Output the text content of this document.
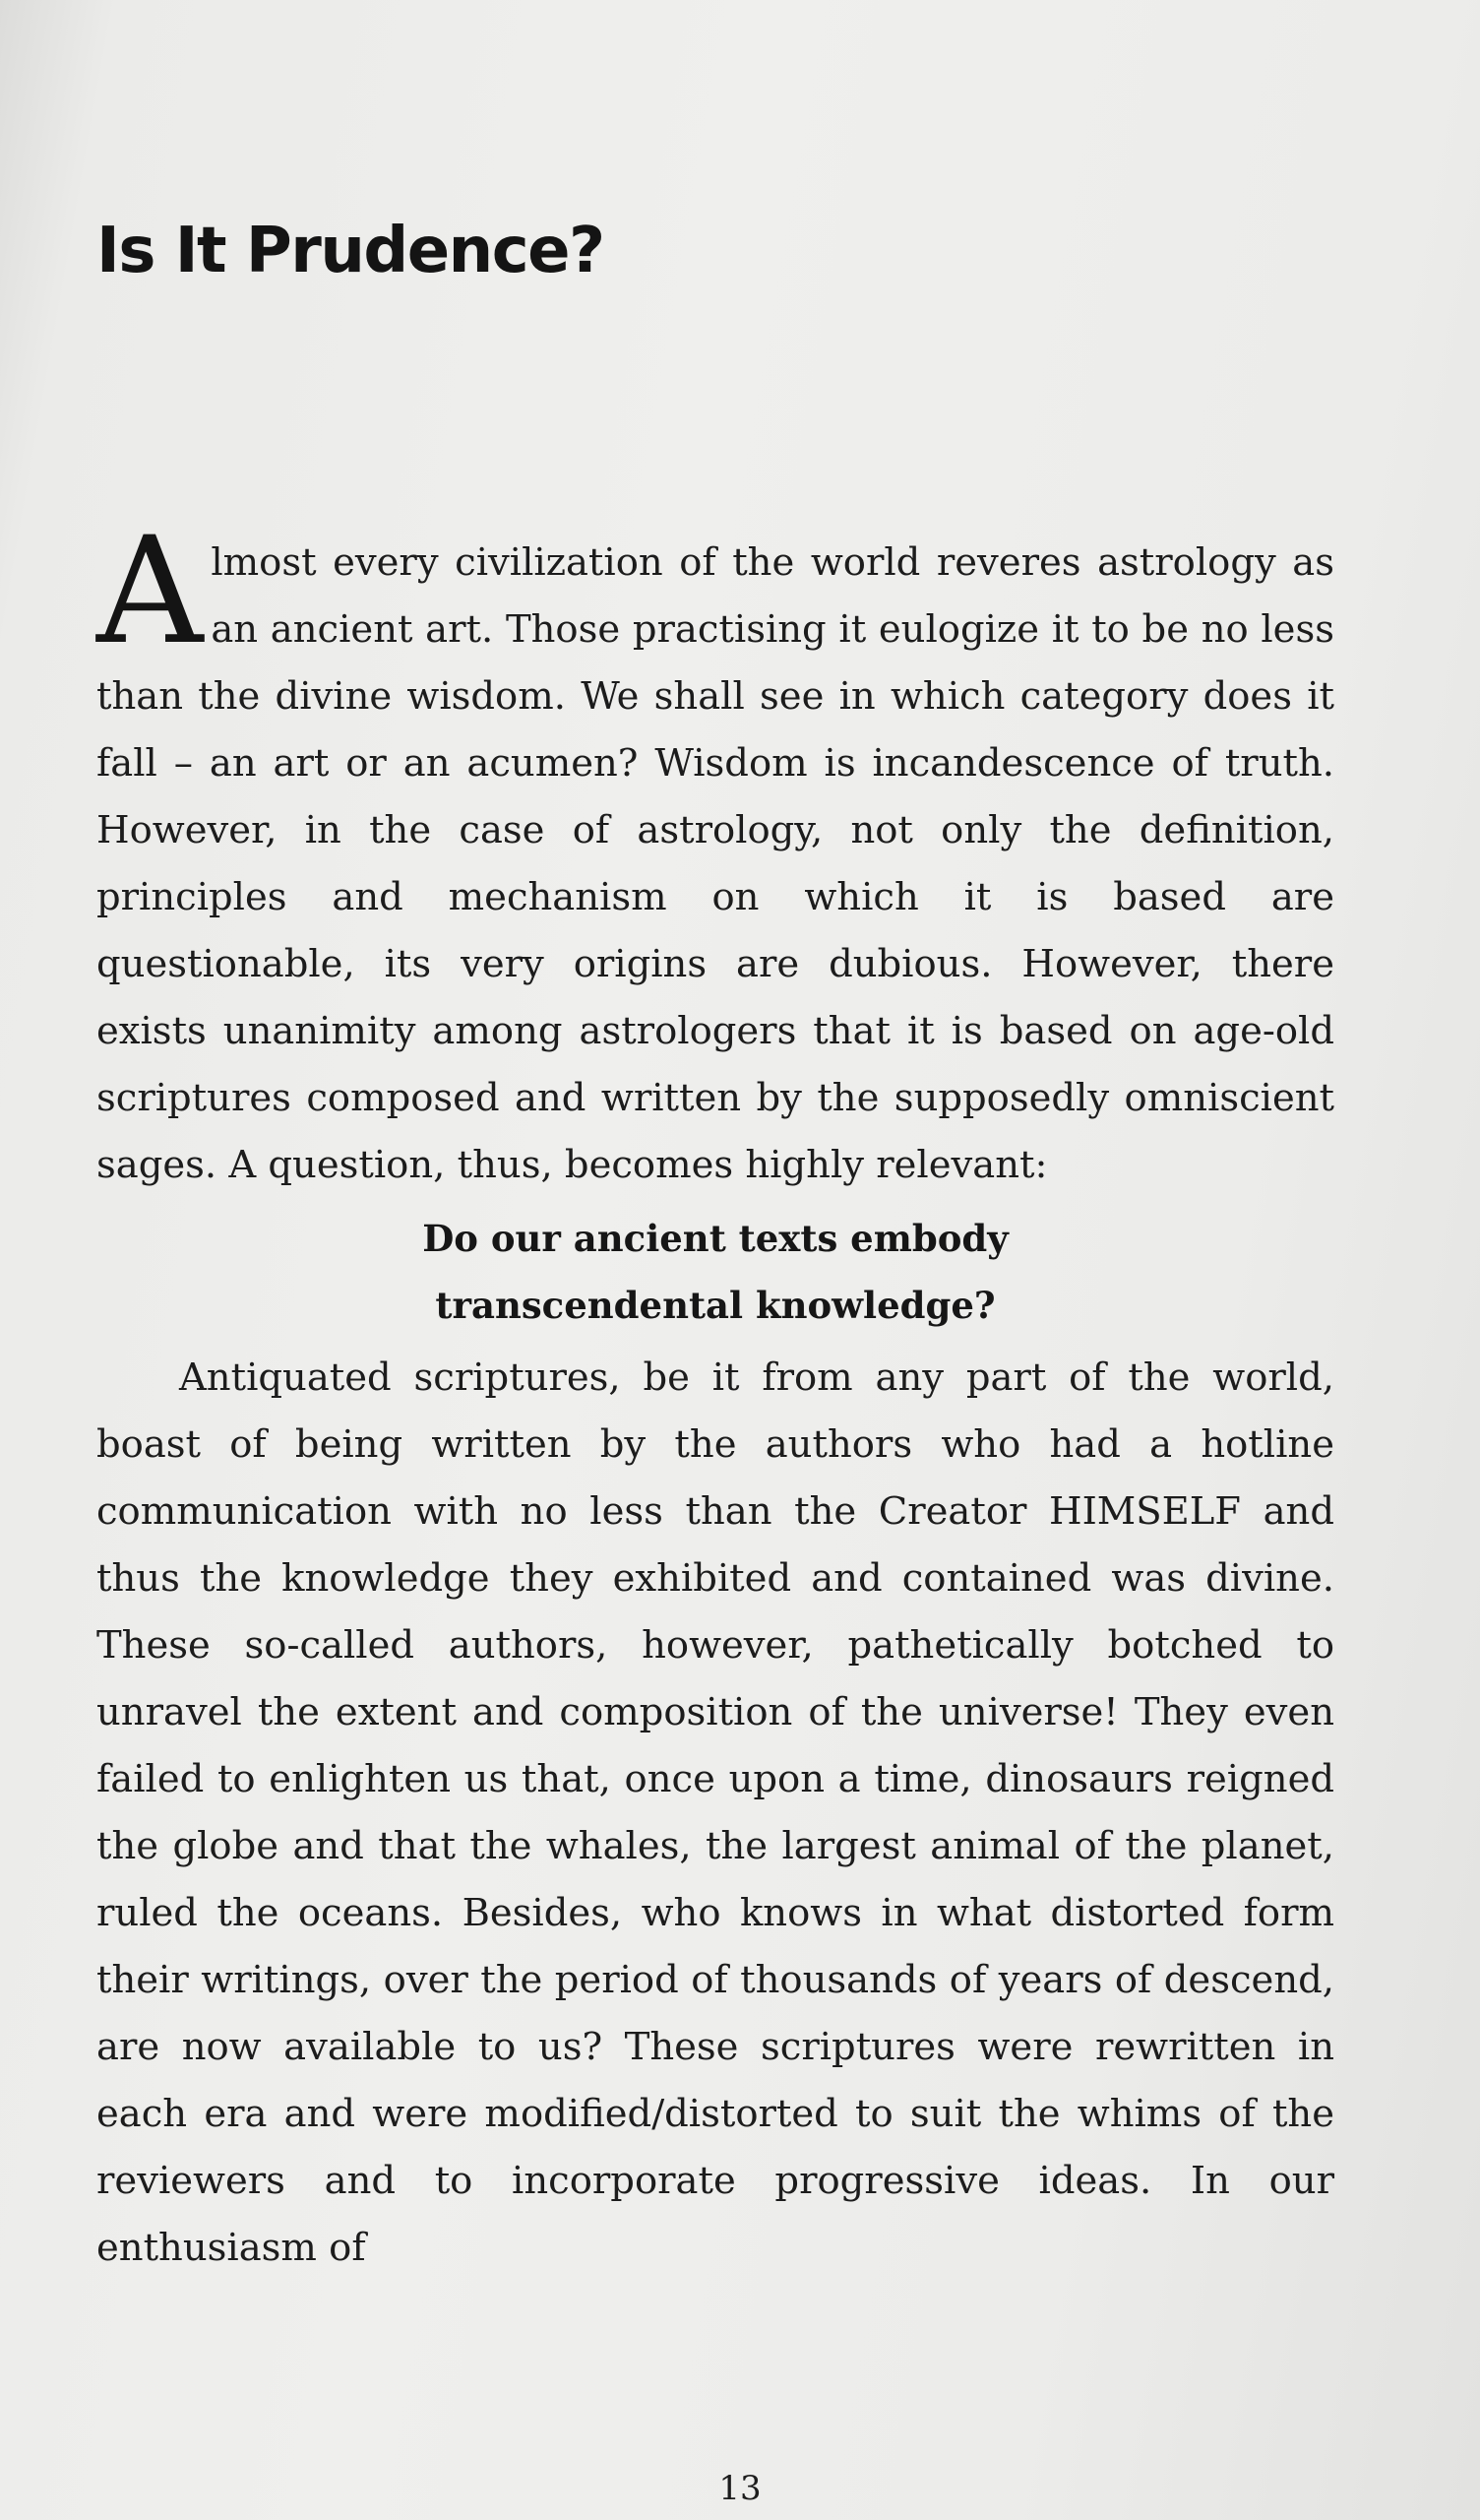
Is It Prudence?

Almost every civilization of the world reveres astrology as an ancient art. Those practising it eulogize it to be no less than the divine wisdom. We shall see in which category does it fall – an art or an acumen? Wisdom is incandescence of truth. However, in the case of astrology, not only the definition, principles and mechanism on which it is based are questionable, its very origins are dubious. However, there exists unanimity among astrologers that it is based on age-old scriptures composed and written by the supposedly omniscient sages. A question, thus, becomes highly relevant:

Do our ancient texts embody
transcendental knowledge?

Antiquated scriptures, be it from any part of the world, boast of being written by the authors who had a hotline communication with no less than the Creator HIMSELF and thus the knowledge they exhibited and contained was divine. These so-called authors, however, pathetically botched to unravel the extent and composition of the universe! They even failed to enlighten us that, once upon a time, dinosaurs reigned the globe and that the whales, the largest animal of the planet, ruled the oceans. Besides, who knows in what distorted form their writings, over the period of thousands of years of descend, are now available to us? These scriptures were rewritten in each era and were modified/distorted to suit the whims of the reviewers and to incorporate progressive ideas. In our enthusiasm of

13
